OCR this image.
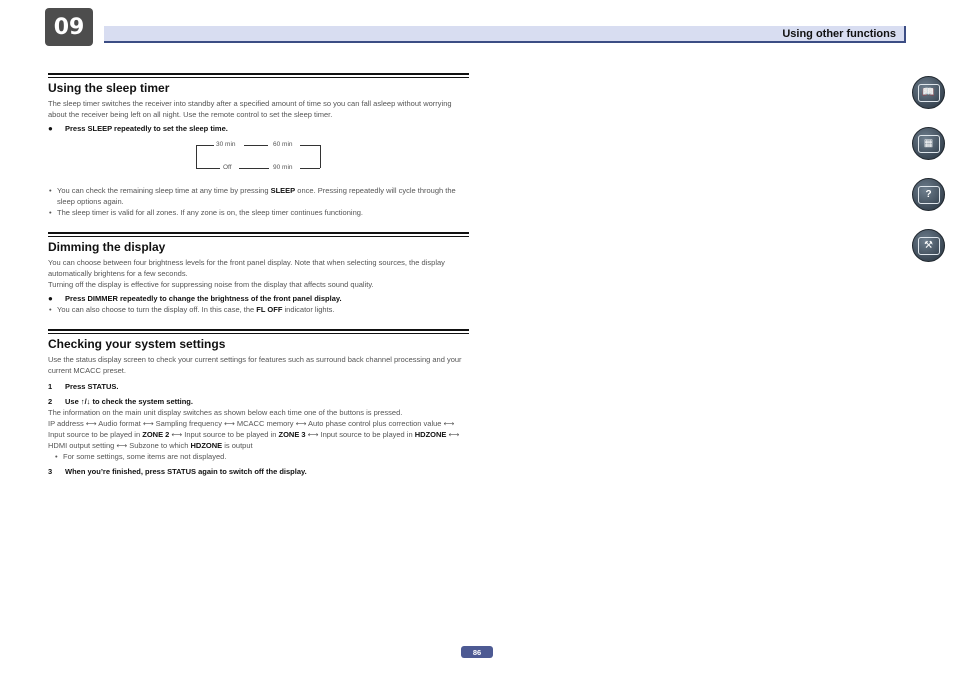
09	Using other functions
Using the sleep timer

The sleep timer switches the receiver into standby after a specified amount of time so you can fall asleep without worrying about the receiver being left on all night. Use the remote control to set the sleep timer.

● Press SLEEP repeatedly to set the sleep time.
30 min	60 min
90 min
Off
• You can check the remaining sleep time at any time by pressing SLEEP once. Pressing repeatedly will cycle through the sleep options again.
• The sleep timer is valid for all zones. If any zone is on, the sleep timer continues functioning.
Dimming the display

You can choose between four brightness levels for the front panel display. Note that when selecting sources, the display automatically brightens for a few seconds.

Turning off the display is effective for suppressing noise from the display that affects sound quality.

● Press DIMMER repeatedly to change the brightness of the front panel display.
• You can also choose to turn the display off. In this case, the FL OFF indicator lights.
Checking your system settings

Use the status display screen to check your current settings for features such as surround back channel processing and your current MCACC preset.

1 Press STATUS.
2 Use ↑/↓ to check the system setting.

The information on the main unit display switches as shown below each time one of the buttons is pressed.

IP address ⟷ Audio format ⟷ Sampling frequency ⟷ MCACC memory ⟷ Auto phase control plus correction value ⟷ Input source to be played in ZONE 2 ⟷ Input source to be played in ZONE 3 ⟷ Input source to be played in HDZONE ⟷ HDMI output setting ⟷ Subzone to which HDZONE is output

• For some settings, some items are not displayed.
3 When you’re finished, press STATUS again to switch off the display.
📖
▦
?
⚒
86
